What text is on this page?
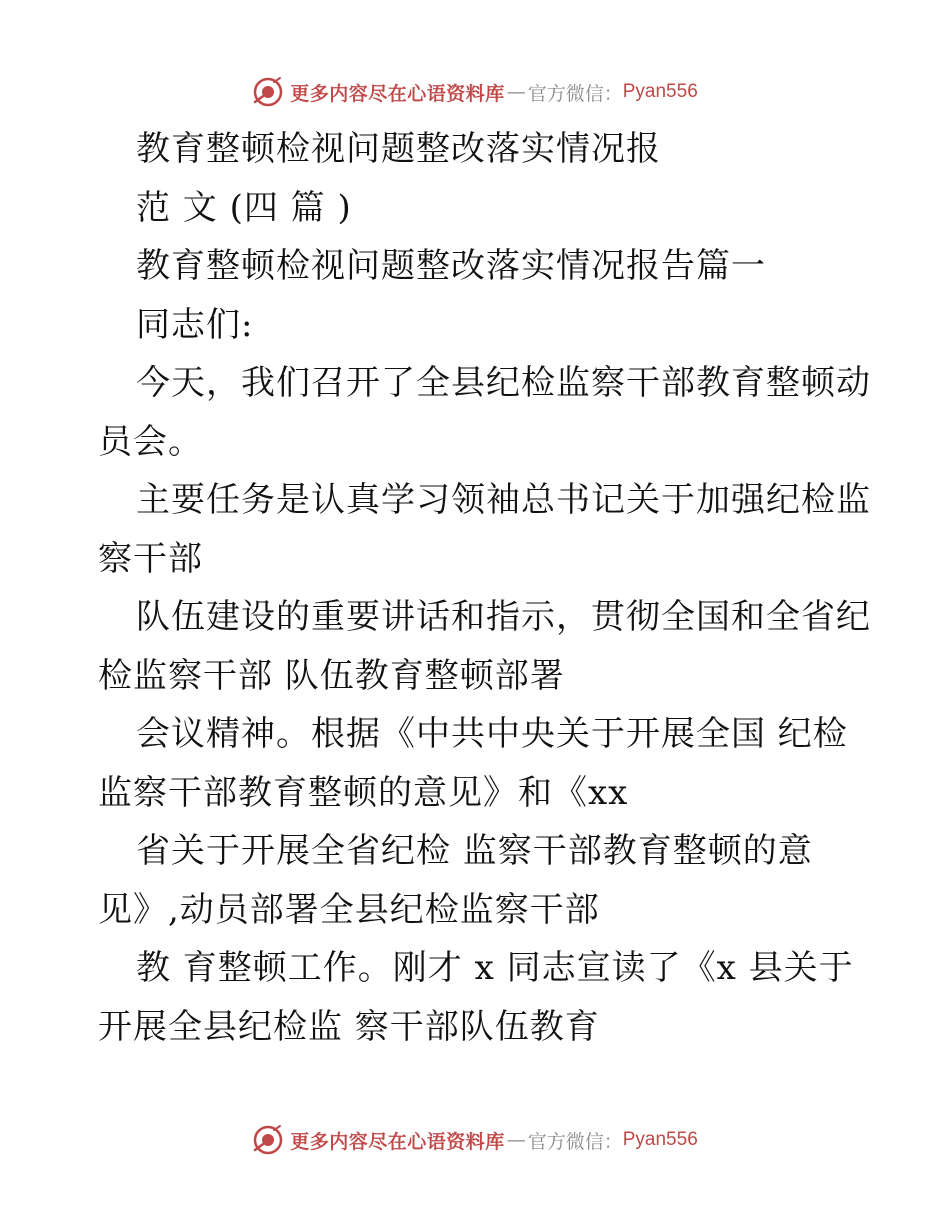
更多内容尽在心语资料库 — 官方微信： Pyan556
教育整顿检视问题整改落实情况报
范 文 (四 篇 )
教育整顿检视问题整改落实情况报告篇一
同志们:
今天，我们召开了全县纪检监察干部教育整顿动
员会。
主要任务是认真学习领袖总书记关于加强纪检监
察干部
队伍建设的重要讲话和指示，贯彻全国和全省纪
检监察干部 队伍教育整顿部署
会议精神。根据《中共中央关于开展全国 纪检
监察干部教育整顿的意见》和《xx
省关于开展全省纪检 监察干部教育整顿的意
见》,动员部署全县纪检监察干部
教 育整顿工作。刚才 x 同志宣读了《x 县关于
开展全县纪检监 察干部队伍教育
更多内容尽在心语资料库 — 官方微信： Pyan556
